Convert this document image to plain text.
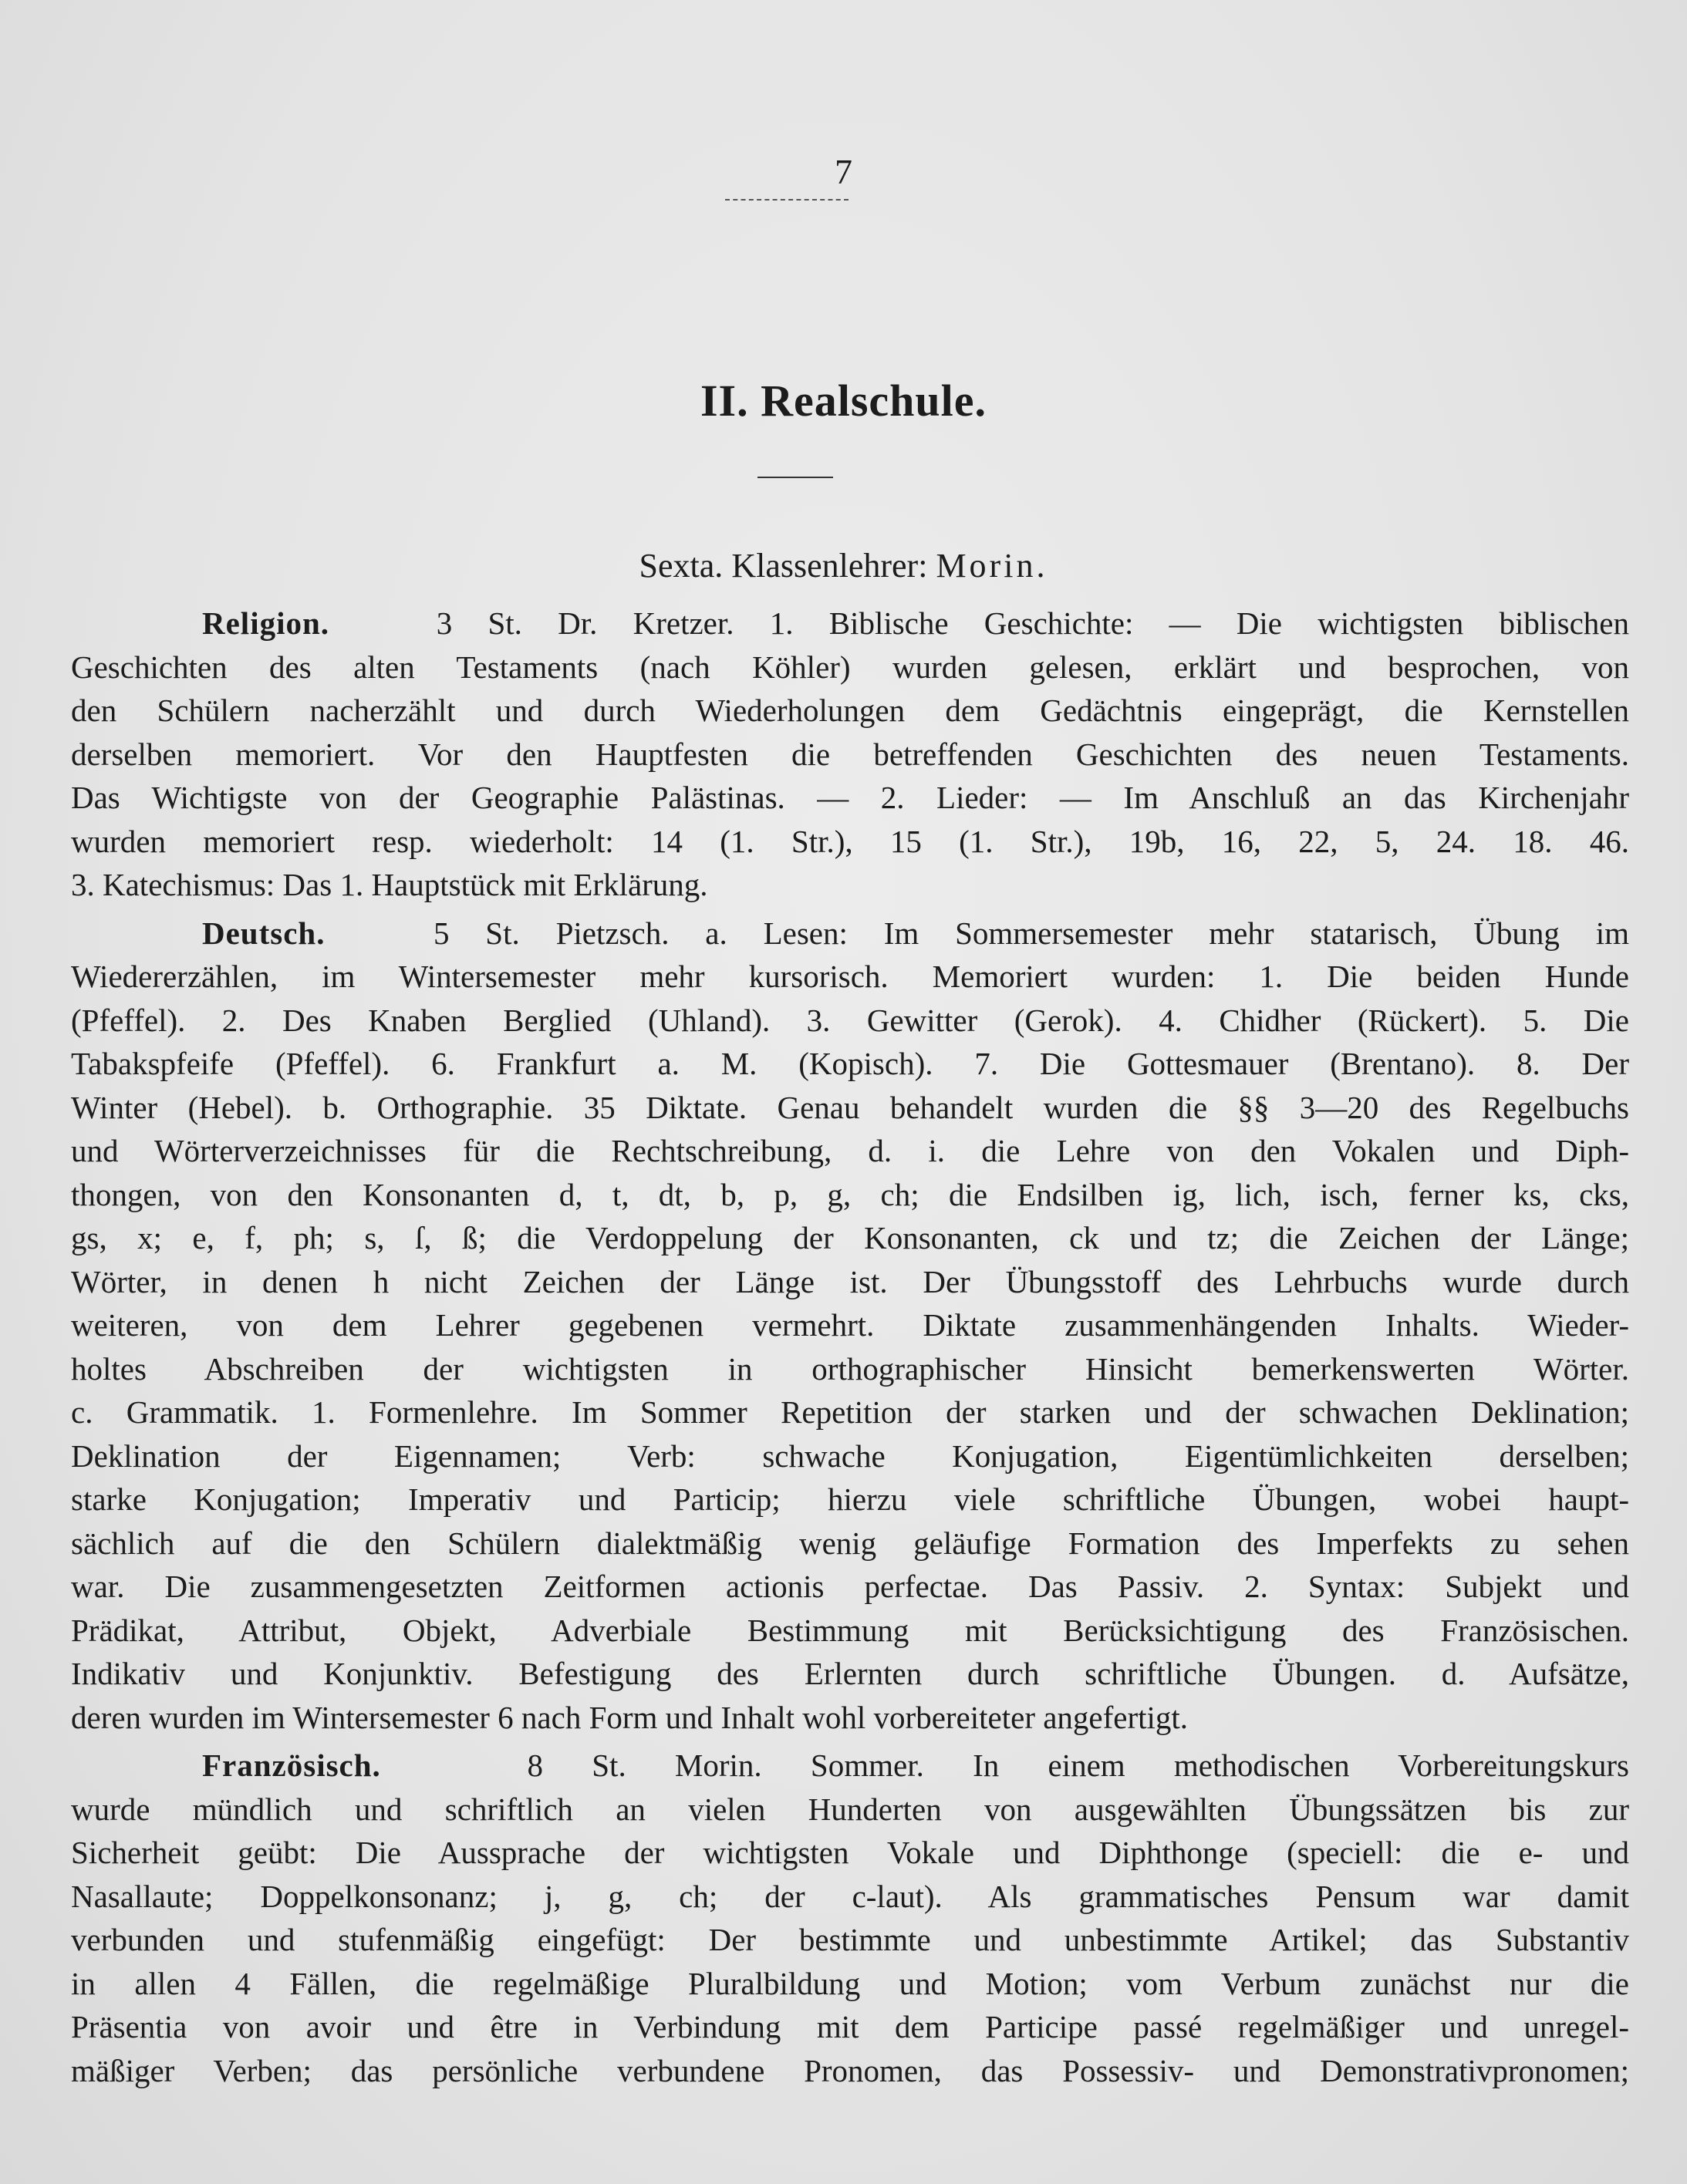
7
II. Realschule.
Sexta. Klassenlehrer: Morin.
Religion.	3 St. Dr. Kretzer. 1. Biblische Geschichte: — Die wichtigsten biblischen
Geschichten des alten Testaments (nach Köhler) wurden gelesen, erklärt und besprochen, von
den Schülern nacherzählt und durch Wiederholungen dem Gedächtnis eingeprägt, die Kernstellen
derselben memoriert. Vor den Hauptfesten die betreffenden Geschichten des neuen Testaments.
Das Wichtigste von der Geographie Palästinas. — 2. Lieder: — Im Anschluß an das Kirchenjahr
wurden memoriert resp. wiederholt: 14 (1. Str.), 15 (1. Str.), 19b, 16, 22, 5, 24. 18. 46.
3. Katechismus: Das 1. Hauptstück mit Erklärung.
Deutsch.	5 St. Pietzsch. a. Lesen: Im Sommersemester mehr statarisch, Übung im
Wiedererzählen, im Wintersemester mehr kursorisch. Memoriert wurden: 1. Die beiden Hunde
(Pfeffel). 2. Des Knaben Berglied (Uhland). 3. Gewitter (Gerok). 4. Chidher (Rückert). 5. Die
Tabakspfeife (Pfeffel). 6. Frankfurt a. M. (Kopisch). 7. Die Gottesmauer (Brentano). 8. Der
Winter (Hebel). b. Orthographie. 35 Diktate. Genau behandelt wurden die §§ 3—20 des Regelbuchs
und Wörterverzeichnisses für die Rechtschreibung, d. i. die Lehre von den Vokalen und Diph-
thongen, von den Konsonanten d, t, dt, b, p, g, ch; die Endsilben ig, lich, isch, ferner ks, cks,
gs, x; e, f, ph; s, ſ, ß; die Verdoppelung der Konsonanten, ck und tz; die Zeichen der Länge;
Wörter, in denen h nicht Zeichen der Länge ist. Der Übungsstoff des Lehrbuchs wurde durch
weiteren, von dem Lehrer gegebenen vermehrt. Diktate zusammenhängenden Inhalts. Wieder-
holtes Abschreiben der wichtigsten in orthographischer Hinsicht bemerkenswerten Wörter.
c. Grammatik. 1. Formenlehre. Im Sommer Repetition der starken und der schwachen Deklination;
Deklination der Eigennamen; Verb: schwache Konjugation, Eigentümlichkeiten derselben;
starke Konjugation; Imperativ und Particip; hierzu viele schriftliche Übungen, wobei haupt-
sächlich auf die den Schülern dialektmäßig wenig geläufige Formation des Imperfekts zu sehen
war. Die zusammengesetzten Zeitformen actionis perfectae. Das Passiv. 2. Syntax: Subjekt und
Prädikat, Attribut, Objekt, Adverbiale Bestimmung mit Berücksichtigung des Französischen.
Indikativ und Konjunktiv. Befestigung des Erlernten durch schriftliche Übungen. d. Aufsätze,
deren wurden im Wintersemester 6 nach Form und Inhalt wohl vorbereiteter angefertigt.
Französisch.	8 St. Morin. Sommer. In einem methodischen Vorbereitungskurs
wurde mündlich und schriftlich an vielen Hunderten von ausgewählten Übungssätzen bis zur
Sicherheit geübt: Die Aussprache der wichtigsten Vokale und Diphthonge (speciell: die e- und
Nasallaute; Doppelkonsonanz; j, g, ch; der c-laut). Als grammatisches Pensum war damit
verbunden und stufenmäßig eingefügt: Der bestimmte und unbestimmte Artikel; das Substantiv
in allen 4 Fällen, die regelmäßige Pluralbildung und Motion; vom Verbum zunächst nur die
Präsentia von avoir und être in Verbindung mit dem Participe passé regelmäßiger und unregel-
mäßiger Verben; das persönliche verbundene Pronomen, das Possessiv- und Demonstrativpronomen;
